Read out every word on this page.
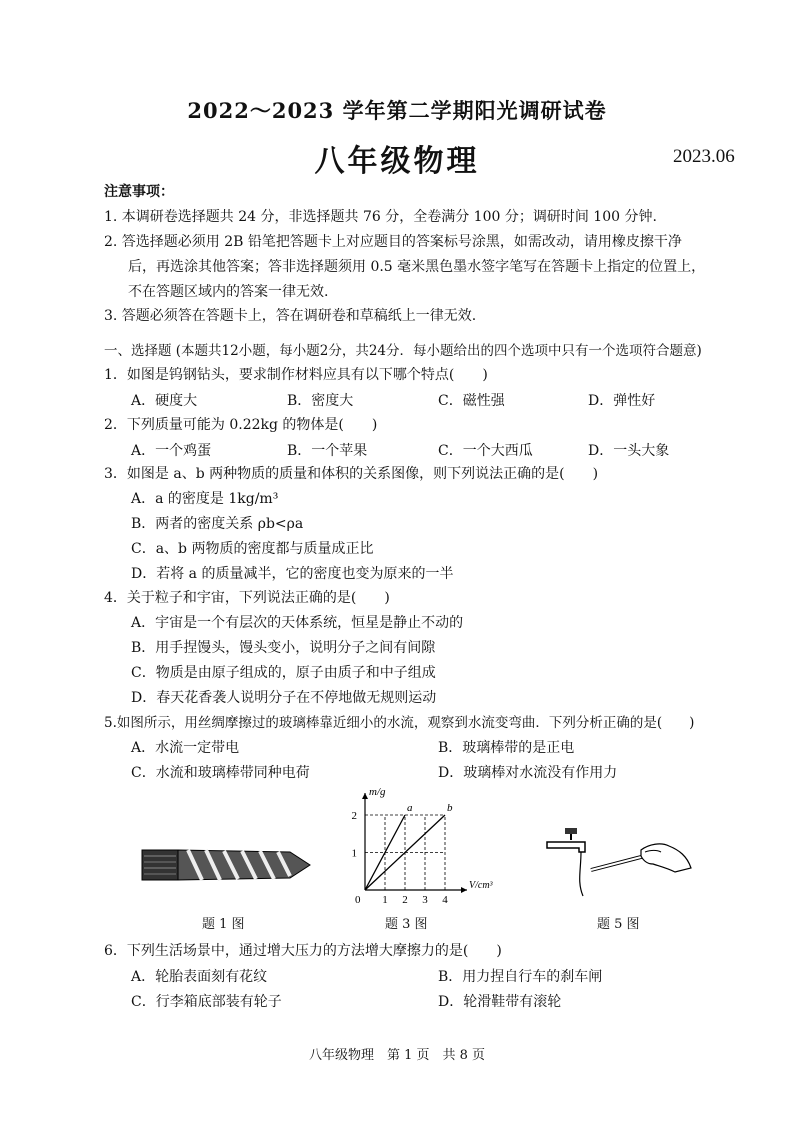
2022～2023 学年第二学期阳光调研试卷
八年级物理	2023.06
注意事项：
1. 本调研卷选择题共 24 分，非选择题共 76 分，全卷满分 100 分；调研时间 100 分钟.
2. 答选择题必须用 2B 铅笔把答题卡上对应题目的答案标号涂黑，如需改动，请用橡皮擦干净
后，再选涂其他答案；答非选择题须用 0.5 毫米黑色墨水签字笔写在答题卡上指定的位置上，
不在答题区域内的答案一律无效.
3. 答题必须答在答题卡上，答在调研卷和草稿纸上一律无效.
一、选择题 (本题共12小题，每小题2分，共24分．每小题给出的四个选项中只有一个选项符合题意)
1．如图是钨钢钻头，要求制作材料应具有以下哪个特点(　　)
A．硬度大	B．密度大	C．磁性强	D．弹性好
2．下列质量可能为 0.22kg 的物体是(　　)
A．一个鸡蛋	B．一个苹果	C．一个大西瓜	D．一头大象
3．如图是 a、b 两种物质的质量和体积的关系图像，则下列说法正确的是(　　)
A．a 的密度是 1kg/m³
B．两者的密度关系 ρb<ρa
C．a、b 两物质的密度都与质量成正比
D．若将 a 的质量减半，它的密度也变为原来的一半
4．关于粒子和宇宙，下列说法正确的是(　　)
A．宇宙是一个有层次的天体系统，恒星是静止不动的
B．用手捏馒头，馒头变小，说明分子之间有间隙
C．物质是由原子组成的，原子由质子和中子组成
D．春天花香袭人说明分子在不停地做无规则运动
5.如图所示，用丝绸摩擦过的玻璃棒靠近细小的水流，观察到水流变弯曲．下列分析正确的是(　　)
A．水流一定带电	B．玻璃棒带的是正电
C．水流和玻璃棒带同种电荷	D．玻璃棒对水流没有作用力
1 2 3 4
1
2
0
V/cm³
m/g
a	b
题 1 图	题 3 图	题 5 图
6．下列生活场景中，通过增大压力的方法增大摩擦力的是(　　)
A．轮胎表面刻有花纹	B．用力捏自行车的刹车闸
C．行李箱底部装有轮子	D．轮滑鞋带有滚轮
八年级物理　第 1 页　共 8 页
